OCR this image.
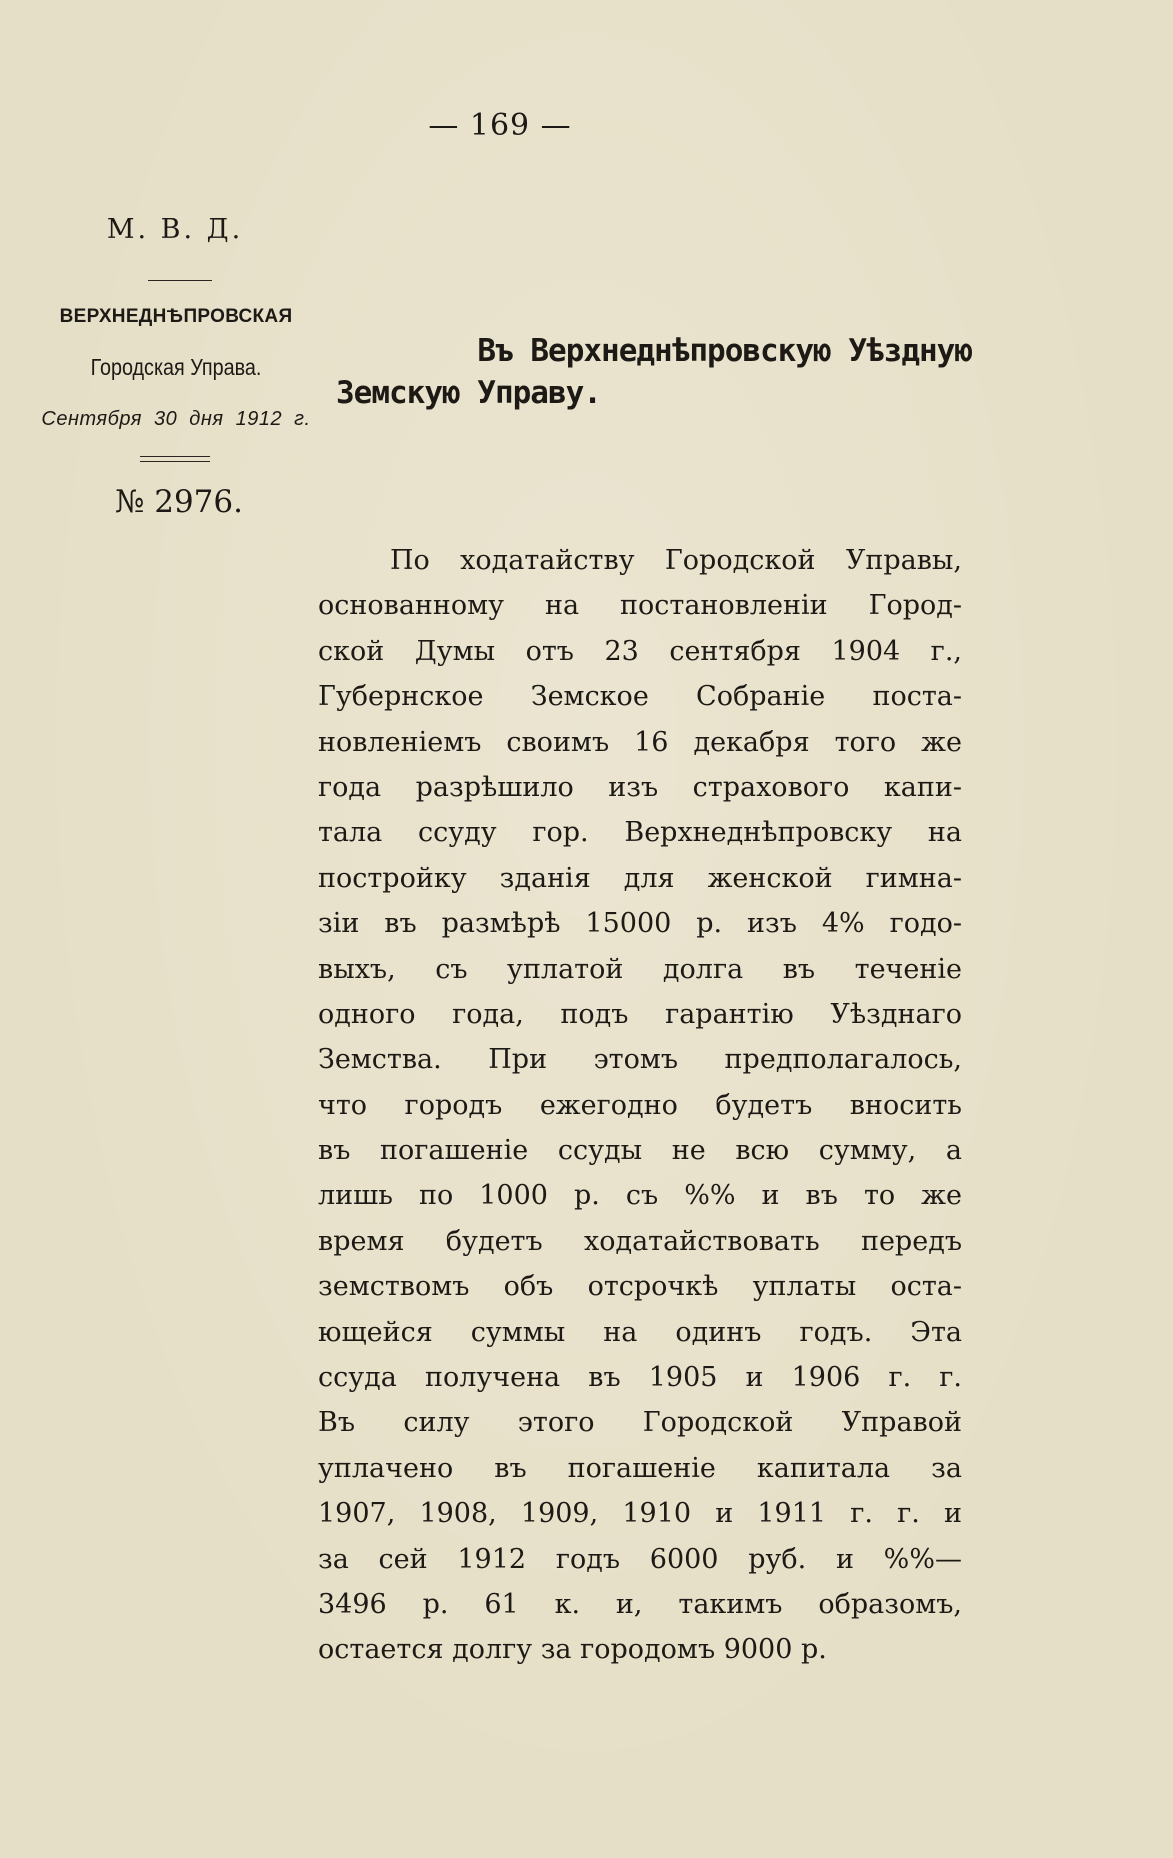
— 169 —
М. В. Д.
ВЕРХНЕДНѢПРОВСКАЯ
Городская Управа.
Сентября 30 дня 1912 г.
№ 2976.
Въ Верхнеднѣпровскую Уѣздную
Земскую Управу.
По ходатайству Городской Управы,
основанному на постановленіи Город-
ской Думы отъ 23 сентября 1904 г.,
Губернское Земское Собраніе поста-
новленіемъ своимъ 16 декабря того же
года разрѣшило изъ страхового капи-
тала ссуду гор. Верхнеднѣпровску на
постройку зданія для женской гимна-
зіи въ размѣрѣ 15000 р. изъ 4% годо-
выхъ, съ уплатой долга въ теченіе
одного года, подъ гарантію Уѣзднаго
Земства. При этомъ предполагалось,
что городъ ежегодно будетъ вносить
въ погашеніе ссуды не всю сумму, а
лишь по 1000 р. съ %% и въ то же
время будетъ ходатайствовать передъ
земствомъ объ отсрочкѣ уплаты оста-
ющейся суммы на одинъ годъ. Эта
ссуда получена въ 1905 и 1906 г. г.
Въ силу этого Городской Управой
уплачено въ погашеніе капитала за
1907, 1908, 1909, 1910 и 1911 г. г. и
за сей 1912 годъ 6000 руб. и %%—
3496 р. 61 к. и, такимъ образомъ,
остается долгу за городомъ 9000 р.
